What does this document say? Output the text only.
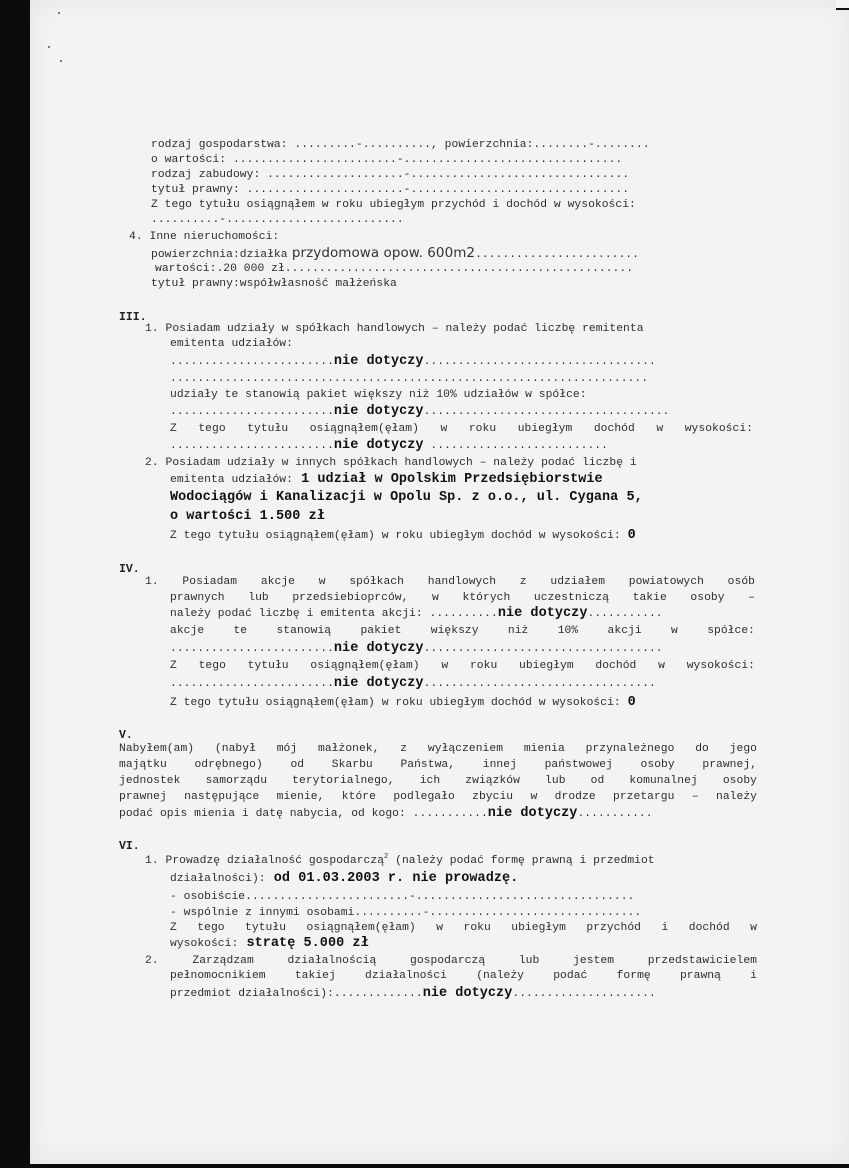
rodzaj gospodarstwa: .........-.........., powierzchnia:........-........
o wartości: ........................-................................
rodzaj zabudowy: ....................-................................
tytuł prawny: .......................-................................
Z tego tytułu osiągnąłem w roku ubiegłym przychód i dochód w wysokości:
..........-..........................
4. Inne nieruchomości:
powierzchnia:działka przydomowa opow. 600m2........................
wartości:.20 000 zł...................................................
tytuł prawny:współwłasność małżeńska
III.
1. Posiadam udziały w spółkach handlowych – należy podać liczbę remitenta
emitenta udziałów:
........................nie dotyczy..................................
......................................................................
udziały te stanowią pakiet większy niż 10% udziałów w spółce:
........................nie dotyczy....................................
Z tego tytułu osiągnąłem(ęłam) w roku ubiegłym dochód w wysokości:
........................nie dotyczy ..........................
2. Posiadam udziały w innych spółkach handlowych – należy podać liczbę i
emitenta udziałów: 1 udział w Opolskim Przedsiębiorstwie
Wodociągów i Kanalizacji w Opolu Sp. z o.o., ul. Cygana 5,
o wartości 1.500 zł
Z tego tytułu osiągnąłem(ęłam) w roku ubiegłym dochód w wysokości: 0
IV.
1. Posiadam akcje w spółkach handlowych z udziałem powiatowych osób
prawnych lub przedsiebioprców, w których uczestniczą takie osoby –
należy podać liczbę i emitenta akcji: ..........nie dotyczy...........
akcje te stanowią pakiet większy niż 10% akcji w spółce:
........................nie dotyczy...................................
Z tego tytułu osiągnąłem(ęłam) w roku ubiegłym dochód w wysokości:
........................nie dotyczy..................................
Z tego tytułu osiągnąłem(ęłam) w roku ubiegłym dochód w wysokości: 0
V.
Nabyłem(am) (nabył mój małżonek, z wyłączeniem mienia przynależnego do jego
majątku odrębnego) od Skarbu Państwa, innej państwowej osoby prawnej,
jednostek samorządu terytorialnego, ich związków lub od komunalnej osoby
prawnej następujące mienie, które podlegało zbyciu w drodze przetargu – należy
podać opis mienia i datę nabycia, od kogo: ...........nie dotyczy...........
VI.
1. Prowadzę działalność gospodarczą$^2$ (należy podać formę prawną i przedmiot
działalności): od 01.03.2003 r. nie prowadzę.
- osobiście........................-................................
- wspólnie z innymi osobami..........-...............................
Z tego tytułu osiągnąłem(ęłam) w roku ubiegłym przychód i dochód w
wysokości: stratę 5.000 zł
2. Zarządzam działalnością gospodarczą lub jestem przedstawicielem
pełnomocnikiem takiej działalności (należy podać formę prawną i
przedmiot działalności):.............nie dotyczy.....................
